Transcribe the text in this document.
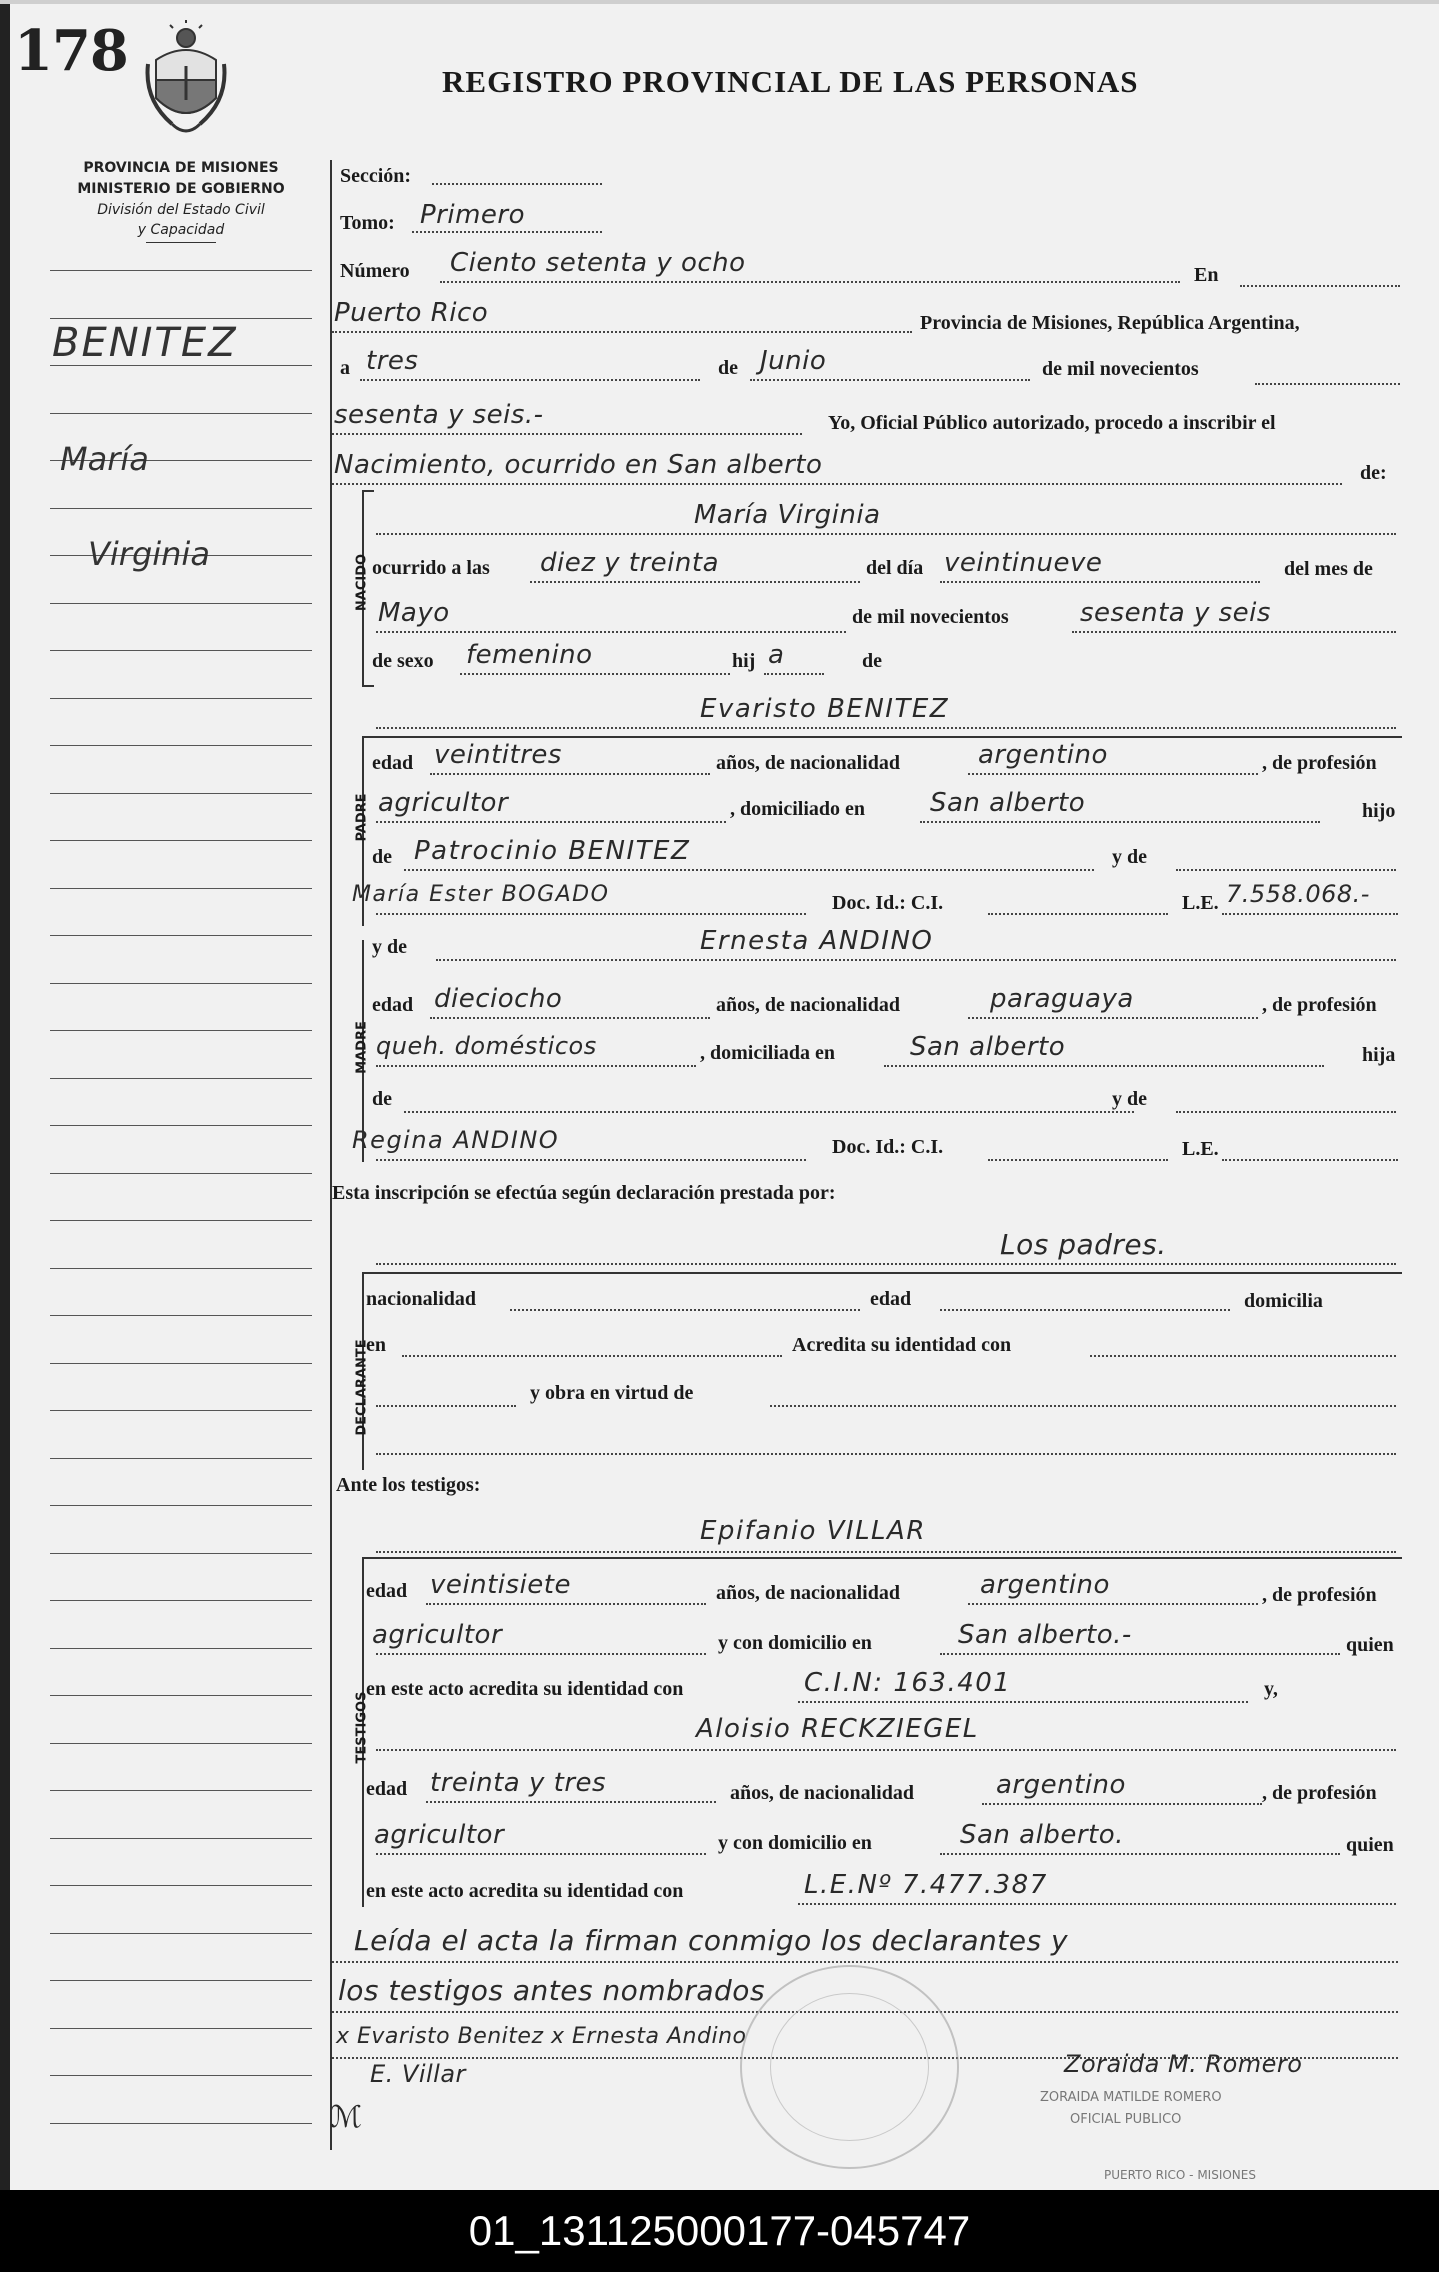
178	REGISTRO PROVINCIAL DE LAS PERSONAS
PROVINCIA DE MISIONES
MINISTERIO DE GOBIERNO
División del Estado Civil
y Capacidad
BENITEZ
María
Virginia	NACIDO
PADRE
MADRE
DECLARANTE
TESTIGOS
Sección:
Tomo: Primero
Número Ciento setenta y ocho	En
Puerto Rico	Provincia de Misiones, República Argentina,
a tres	de Junio	de mil novecientos
sesenta y seis.-	Yo, Oficial Público autorizado, procedo a inscribir el
Nacimiento, ocurrido en San alberto	de:
María Virginia
ocurrido a las diez y treinta	del día veintinueve	del mes de
Mayo	de mil novecientos	sesenta y seis
de sexo femenino	hij a	de
Evaristo BENITEZ
edad veintitres	años, de nacionalidad	argentino	, de profesión
agricultor	, domiciliado en San alberto	hijo
de Patrocinio BENITEZ	y de
María Ester BOGADO	Doc. Id.: C.I.	L.E. 7.558.068.-
y de	Ernesta ANDINO
edad dieciocho	años, de nacionalidad	paraguaya	, de profesión
queh. domésticos	, domiciliada en	San alberto	hija
de	y de
Regina ANDINO	Doc. Id.: C.I.	L.E.
Esta inscripción se efectúa según declaración prestada por:
Los padres.
nacionalidad	edad	domicilia
en	Acredita su identidad con
y obra en virtud de
Ante los testigos:
Epifanio VILLAR
edad veintisiete	años, de nacionalidad	argentino	, de profesión
agricultor	y con domicilio en	San alberto.-	quien
en este acto acredita su identidad con	C.I.N: 163.401	y,
Aloisio RECKZIEGEL
edad treinta y tres	años, de nacionalidad	argentino	, de profesión
agricultor	y con domicilio en	San alberto.	quien
en este acto acredita su identidad con	L.E.Nº 7.477.387
Leída el acta la firman conmigo los declarantes y
los testigos antes nombrados
x Evaristo Benitez x Ernesta Andino
E. Villar
ℳ
Zoraida M. Romero
ZORAIDA MATILDE ROMERO
OFICIAL PUBLICO
PUERTO RICO - MISIONES
01_131125000177-045747
